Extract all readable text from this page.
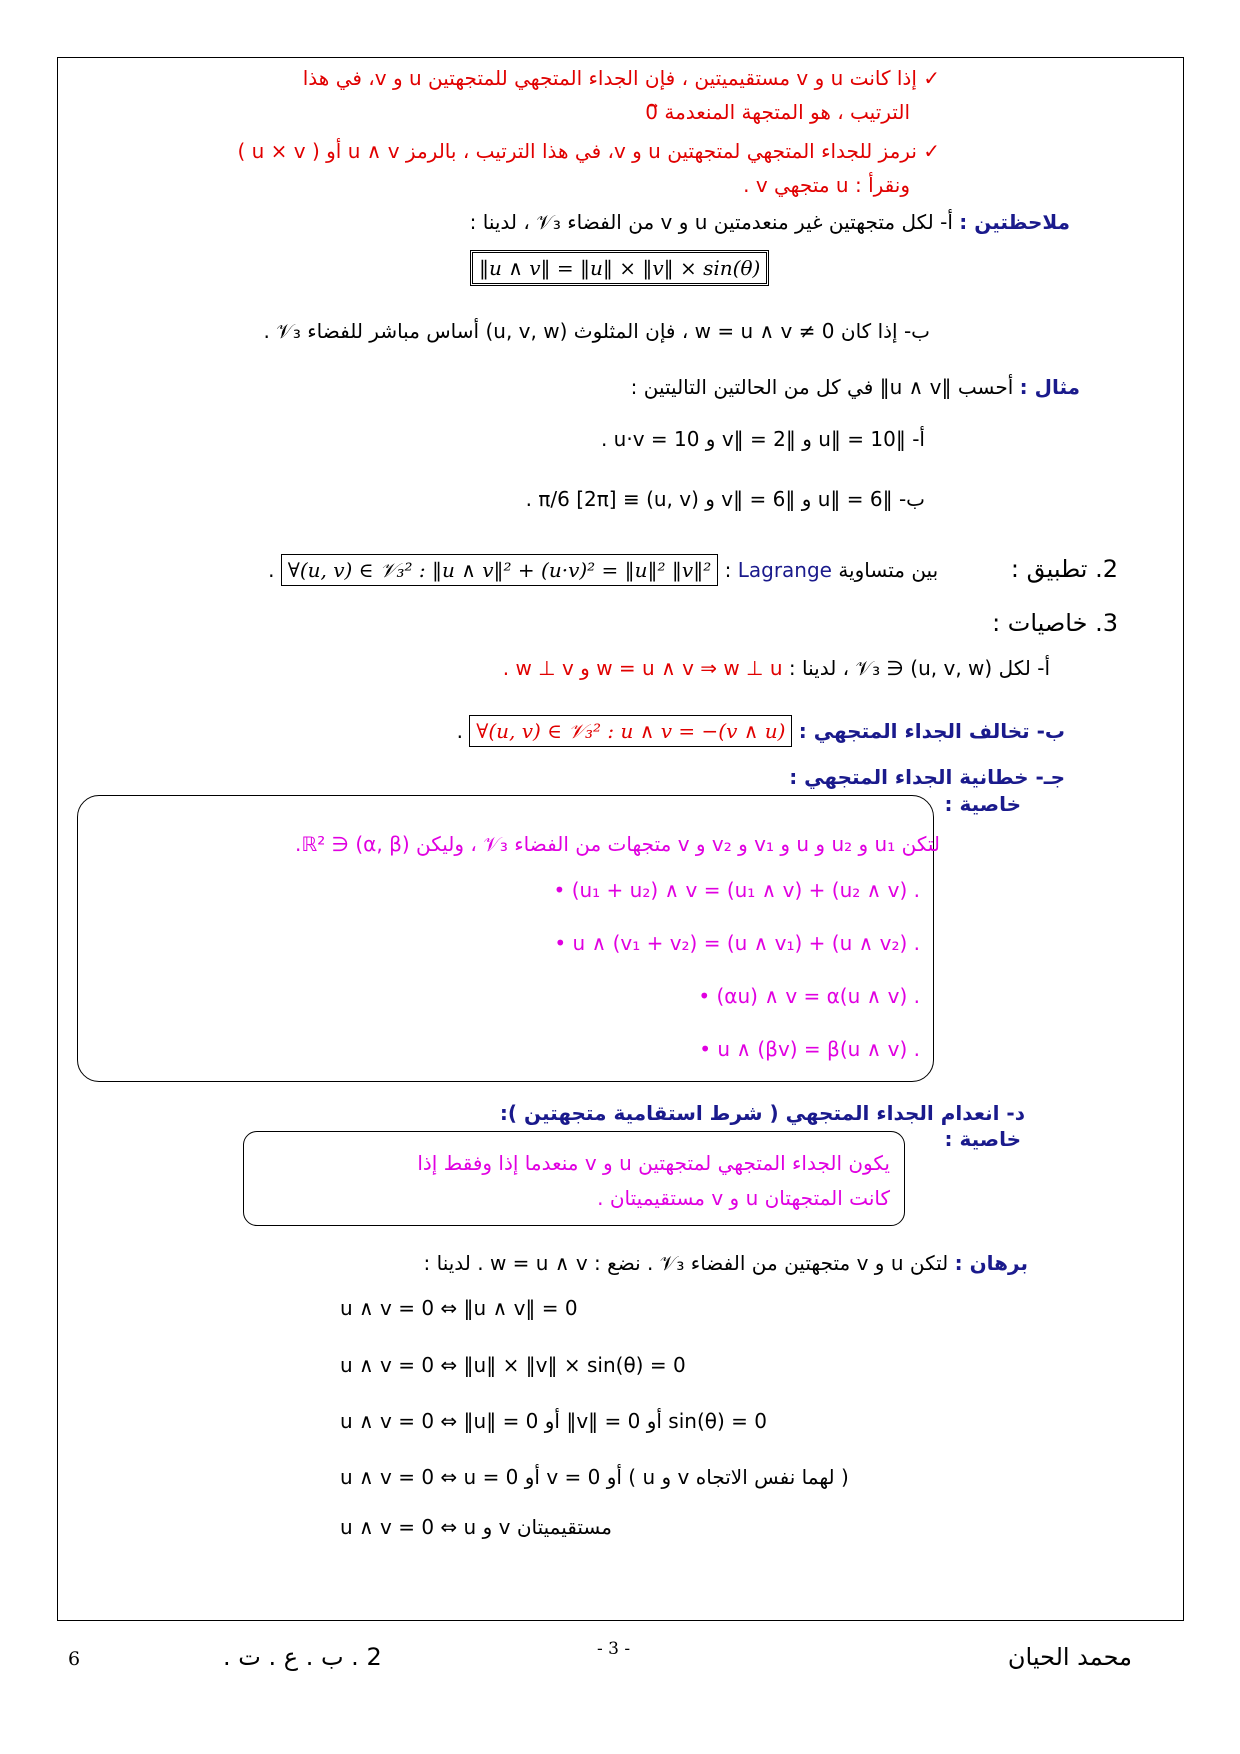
✓ إذا كانت u و v مستقيميتين ، فإن الجداء المتجهي للمتجهتين u و v، في هذا
الترتيب ، هو المتجهة المنعدمة 0⃗
✓ نرمز للجداء المتجهي لمتجهتين u و v، في هذا الترتيب ، بالرمز u ∧ v أو ( u × v )
ونقرأ : u متجهي v .
ملاحظتين : أ- لكل متجهتين غير منعدمتين u و v من الفضاء 𝒱₃ ، لدينا :
‖u ∧ v‖ = ‖u‖ × ‖v‖ × sin(θ)
ب- إذا كان w = u ∧ v ≠ 0 ، فإن المثلوث (u, v, w) أساس مباشر للفضاء 𝒱₃ .
مثال : أحسب ‖u ∧ v‖ في كل من الحالتين التاليتين :
أ- ‖u‖ = 10 و ‖v‖ = 2 و u·v = 10 .
ب- ‖u‖ = 6 و ‖v‖ = 6 و (u, v) ≡ π/6 [2π] .
2. تطبيق :  بين متساوية Lagrange : ∀(u, v) ∈ 𝒱₃² : ‖u ∧ v‖² + (u·v)² = ‖u‖² ‖v‖² .
3. خاصيات :
أ- لكل (u, v, w) ∈ 𝒱₃ ، لدينا : w = u ∧ v ⇒ w ⊥ u و w ⊥ v .
ب- تخالف الجداء المتجهي : ∀(u, v) ∈ 𝒱₃² : u ∧ v = −(v ∧ u) .
جـ- خطانية الجداء المتجهي :
خاصية :
لتكن u₁ و u₂ و u و v₁ و v₂ و v متجهات من الفضاء 𝒱₃ ، وليكن (α, β) ∈ ℝ².
• (u₁ + u₂) ∧ v = (u₁ ∧ v) + (u₂ ∧ v) .
• u ∧ (v₁ + v₂) = (u ∧ v₁) + (u ∧ v₂) .
• (αu) ∧ v = α(u ∧ v) .
• u ∧ (βv) = β(u ∧ v) .
د- انعدام الجداء المتجهي ( شرط استقامية متجهتين ):
خاصية :
يكون الجداء المتجهي لمتجهتين u و v منعدما إذا وفقط إذا
كانت المتجهتان u و v مستقيميتان .
برهان : لتكن u و v متجهتين من الفضاء 𝒱₃ . نضع : w = u ∧ v . لدينا :
u ∧ v = 0 ⇔ ‖u ∧ v‖ = 0
u ∧ v = 0 ⇔ ‖u‖ × ‖v‖ × sin(θ) = 0
u ∧ v = 0 ⇔ ‖u‖ = 0 أو ‖v‖ = 0 أو sin(θ) = 0
u ∧ v = 0 ⇔ u = 0 أو v = 0 أو ( u و v لهما نفس الاتجاه )
u ∧ v = 0 ⇔ u و v مستقيميتان
محمد الحيان
- 3 -
2 . ب . ع . ت .
6
